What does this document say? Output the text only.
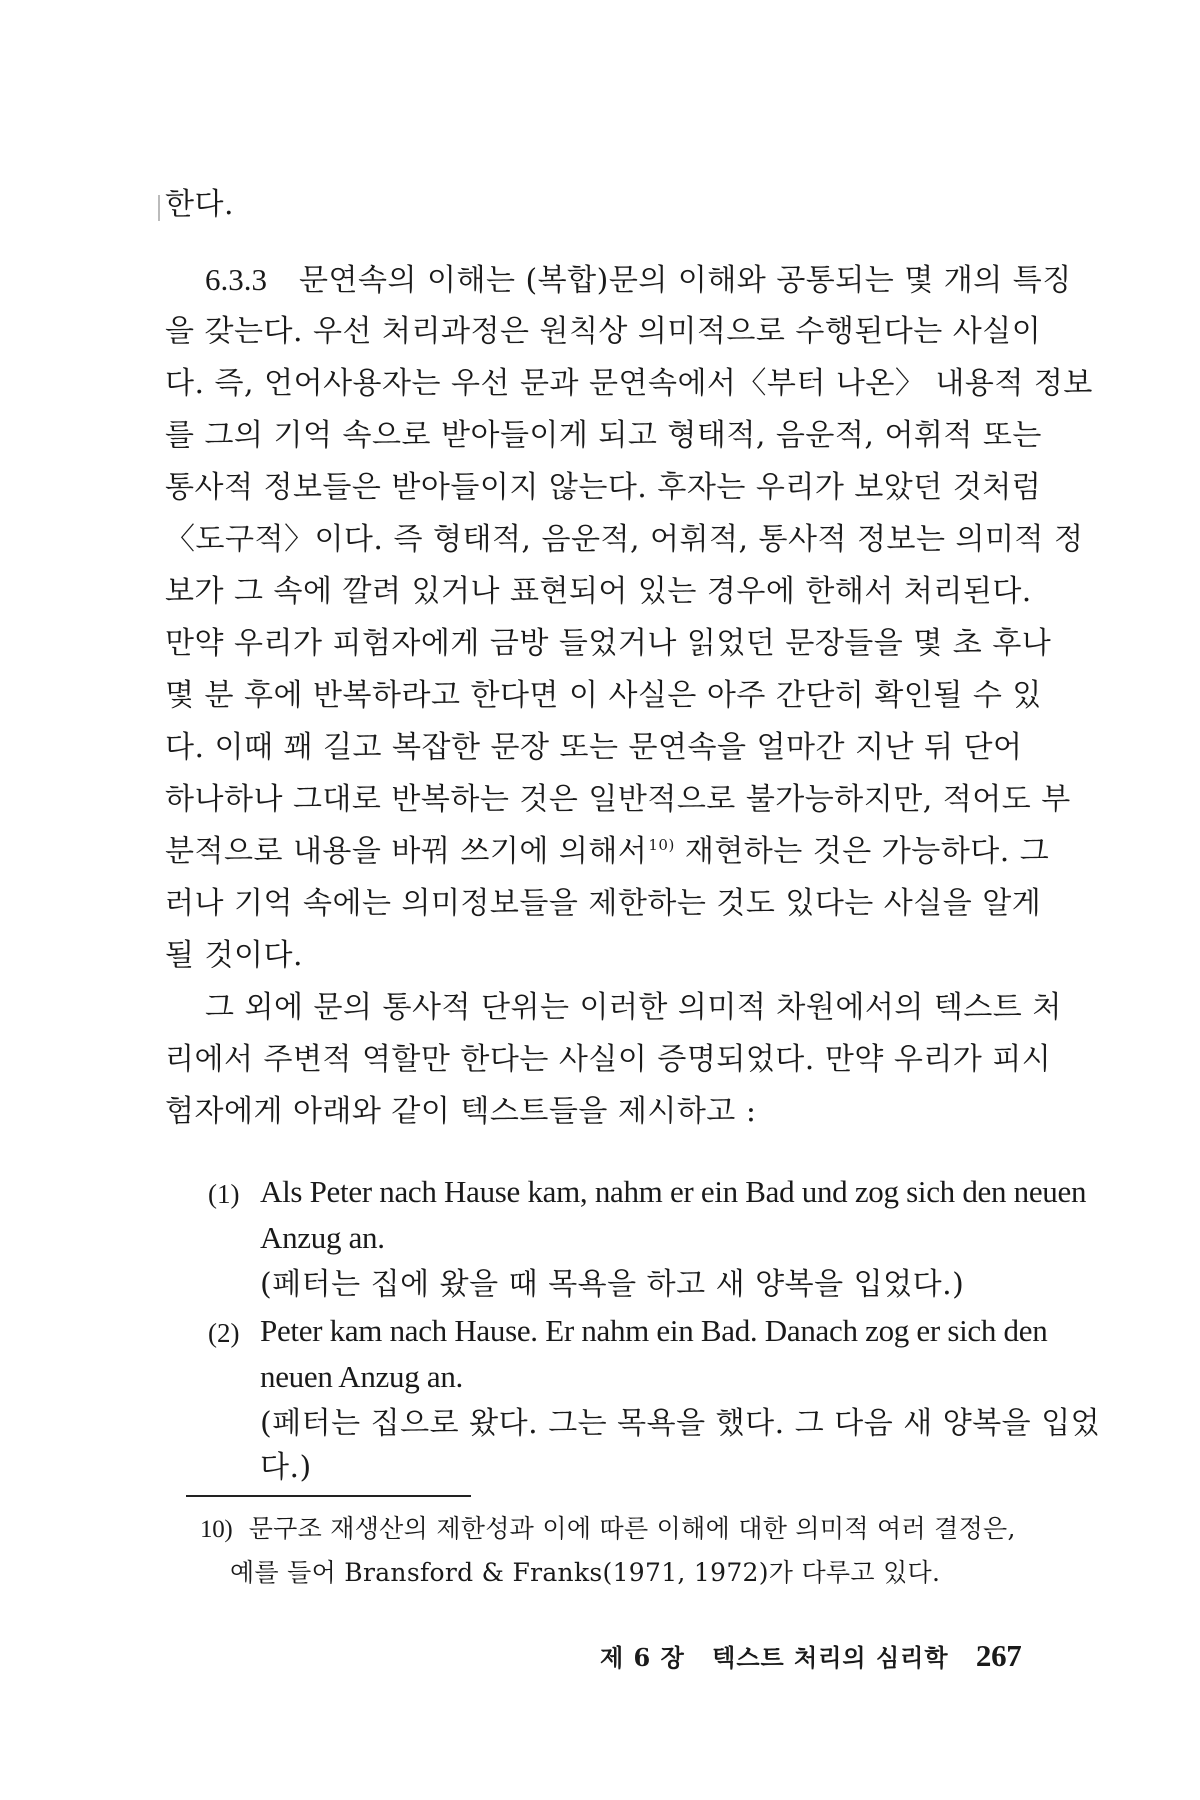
한다.
6.3.3 문연속의 이해는 (복합)문의 이해와 공통되는 몇 개의 특징
을 갖는다. 우선 처리과정은 원칙상 의미적으로 수행된다는 사실이
다. 즉, 언어사용자는 우선 문과 문연속에서〈부터 나온〉 내용적 정보
를 그의 기억 속으로 받아들이게 되고 형태적, 음운적, 어휘적 또는
통사적 정보들은 받아들이지 않는다. 후자는 우리가 보았던 것처럼
〈도구적〉이다. 즉 형태적, 음운적, 어휘적, 통사적 정보는 의미적 정
보가 그 속에 깔려 있거나 표현되어 있는 경우에 한해서 처리된다.
만약 우리가 피험자에게 금방 들었거나 읽었던 문장들을 몇 초 후나
몇 분 후에 반복하라고 한다면 이 사실은 아주 간단히 확인될 수 있
다. 이때 꽤 길고 복잡한 문장 또는 문연속을 얼마간 지난 뒤 단어
하나하나 그대로 반복하는 것은 일반적으로 불가능하지만, 적어도 부
분적으로 내용을 바꿔 쓰기에 의해서$^{10)}$ 재현하는 것은 가능하다. 그
러나 기억 속에는 의미정보들을 제한하는 것도 있다는 사실을 알게
될 것이다.
그 외에 문의 통사적 단위는 이러한 의미적 차원에서의 텍스트 처
리에서 주변적 역할만 한다는 사실이 증명되었다. 만약 우리가 피시
험자에게 아래와 같이 텍스트들을 제시하고 :
(1) Als Peter nach Hause kam, nahm er ein Bad und zog sich den neuen
Anzug an.
(페터는 집에 왔을 때 목욕을 하고 새 양복을 입었다.)
(2) Peter kam nach Hause. Er nahm ein Bad. Danach zog er sich den
neuen Anzug an.
(페터는 집으로 왔다. 그는 목욕을 했다. 그 다음 새 양복을 입었
다.)
10) 문구조 재생산의 제한성과 이에 따른 이해에 대한 의미적 여러 결정은,
예를 들어 Bransford & Franks(1971, 1972)가 다루고 있다.
제 6 장 텍스트 처리의 심리학 267
